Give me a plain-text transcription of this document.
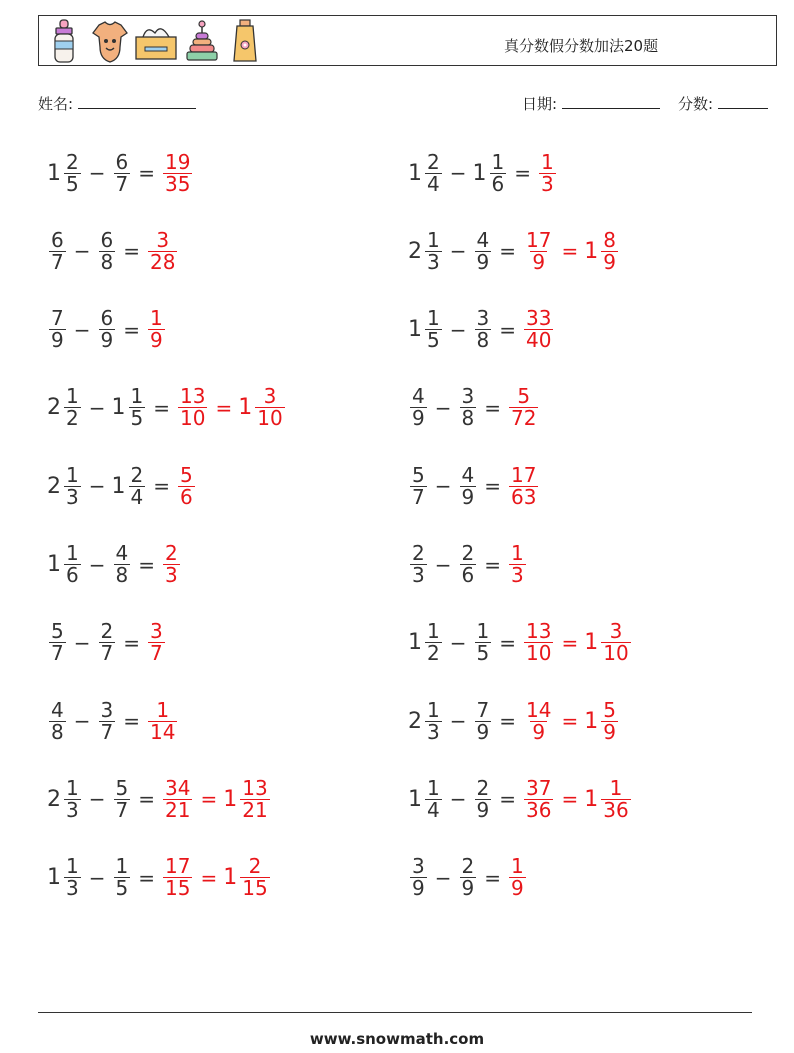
真分数假分数加法20题
姓名:	日期:	分数:
$1 \frac{2}{5} - \frac{6}{7} = \frac{19}{35}$	$1 \frac{2}{4} - 1 \frac{1}{6} = \frac{1}{3}$
$\frac{6}{7} - \frac{6}{8} = \frac{3}{28}$	$2 \frac{1}{3} - \frac{4}{9} = \frac{17}{9} = 1 \frac{8}{9}$
$\frac{7}{9} - \frac{6}{9} = \frac{1}{9}$	$1 \frac{1}{5} - \frac{3}{8} = \frac{33}{40}$
$2 \frac{1}{2} - 1 \frac{1}{5} = \frac{13}{10} = 1 \frac{3}{10}$	$\frac{4}{9} - \frac{3}{8} = \frac{5}{72}$
$2 \frac{1}{3} - 1 \frac{2}{4} = \frac{5}{6}$	$\frac{5}{7} - \frac{4}{9} = \frac{17}{63}$
$1 \frac{1}{6} - \frac{4}{8} = \frac{2}{3}$	$\frac{2}{3} - \frac{2}{6} = \frac{1}{3}$
$\frac{5}{7} - \frac{2}{7} = \frac{3}{7}$	$1 \frac{1}{2} - \frac{1}{5} = \frac{13}{10} = 1 \frac{3}{10}$
$\frac{4}{8} - \frac{3}{7} = \frac{1}{14}$	$2 \frac{1}{3} - \frac{7}{9} = \frac{14}{9} = 1 \frac{5}{9}$
$2 \frac{1}{3} - \frac{5}{7} = \frac{34}{21} = 1 \frac{13}{21}$	$1 \frac{1}{4} - \frac{2}{9} = \frac{37}{36} = 1 \frac{1}{36}$
$1 \frac{1}{3} - \frac{1}{5} = \frac{17}{15} = 1 \frac{2}{15}$	$\frac{3}{9} - \frac{2}{9} = \frac{1}{9}$
www.snowmath.com
